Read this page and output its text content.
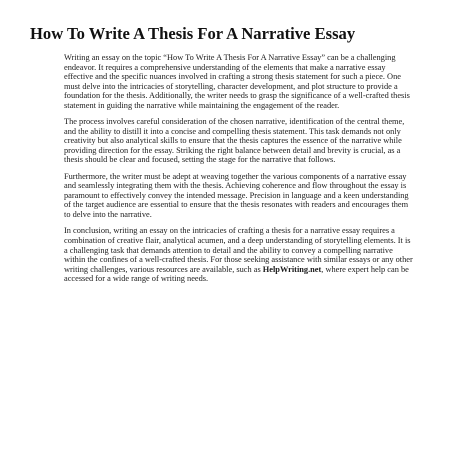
How To Write A Thesis For A Narrative Essay

Writing an essay on the topic “How To Write A Thesis For A Narrative Essay” can be a challenging endeavor. It requires a comprehensive understanding of the elements that make a narrative essay effective and the specific nuances involved in crafting a strong thesis statement for such a piece. One must delve into the intricacies of storytelling, character development, and plot structure to provide a foundation for the thesis. Additionally, the writer needs to grasp the significance of a well-crafted thesis statement in guiding the narrative while maintaining the engagement of the reader.

The process involves careful consideration of the chosen narrative, identification of the central theme, and the ability to distill it into a concise and compelling thesis statement. This task demands not only creativity but also analytical skills to ensure that the thesis captures the essence of the narrative while providing direction for the essay. Striking the right balance between detail and brevity is crucial, as a thesis should be clear and focused, setting the stage for the narrative that follows.

Furthermore, the writer must be adept at weaving together the various components of a narrative essay and seamlessly integrating them with the thesis. Achieving coherence and flow throughout the essay is paramount to effectively convey the intended message. Precision in language and a keen understanding of the target audience are essential to ensure that the thesis resonates with readers and encourages them to delve into the narrative.

In conclusion, writing an essay on the intricacies of crafting a thesis for a narrative essay requires a combination of creative flair, analytical acumen, and a deep understanding of storytelling elements. It is a challenging task that demands attention to detail and the ability to convey a compelling narrative within the confines of a well-crafted thesis. For those seeking assistance with similar essays or any other writing challenges, various resources are available, such as HelpWriting.net, where expert help can be accessed for a wide range of writing needs.
